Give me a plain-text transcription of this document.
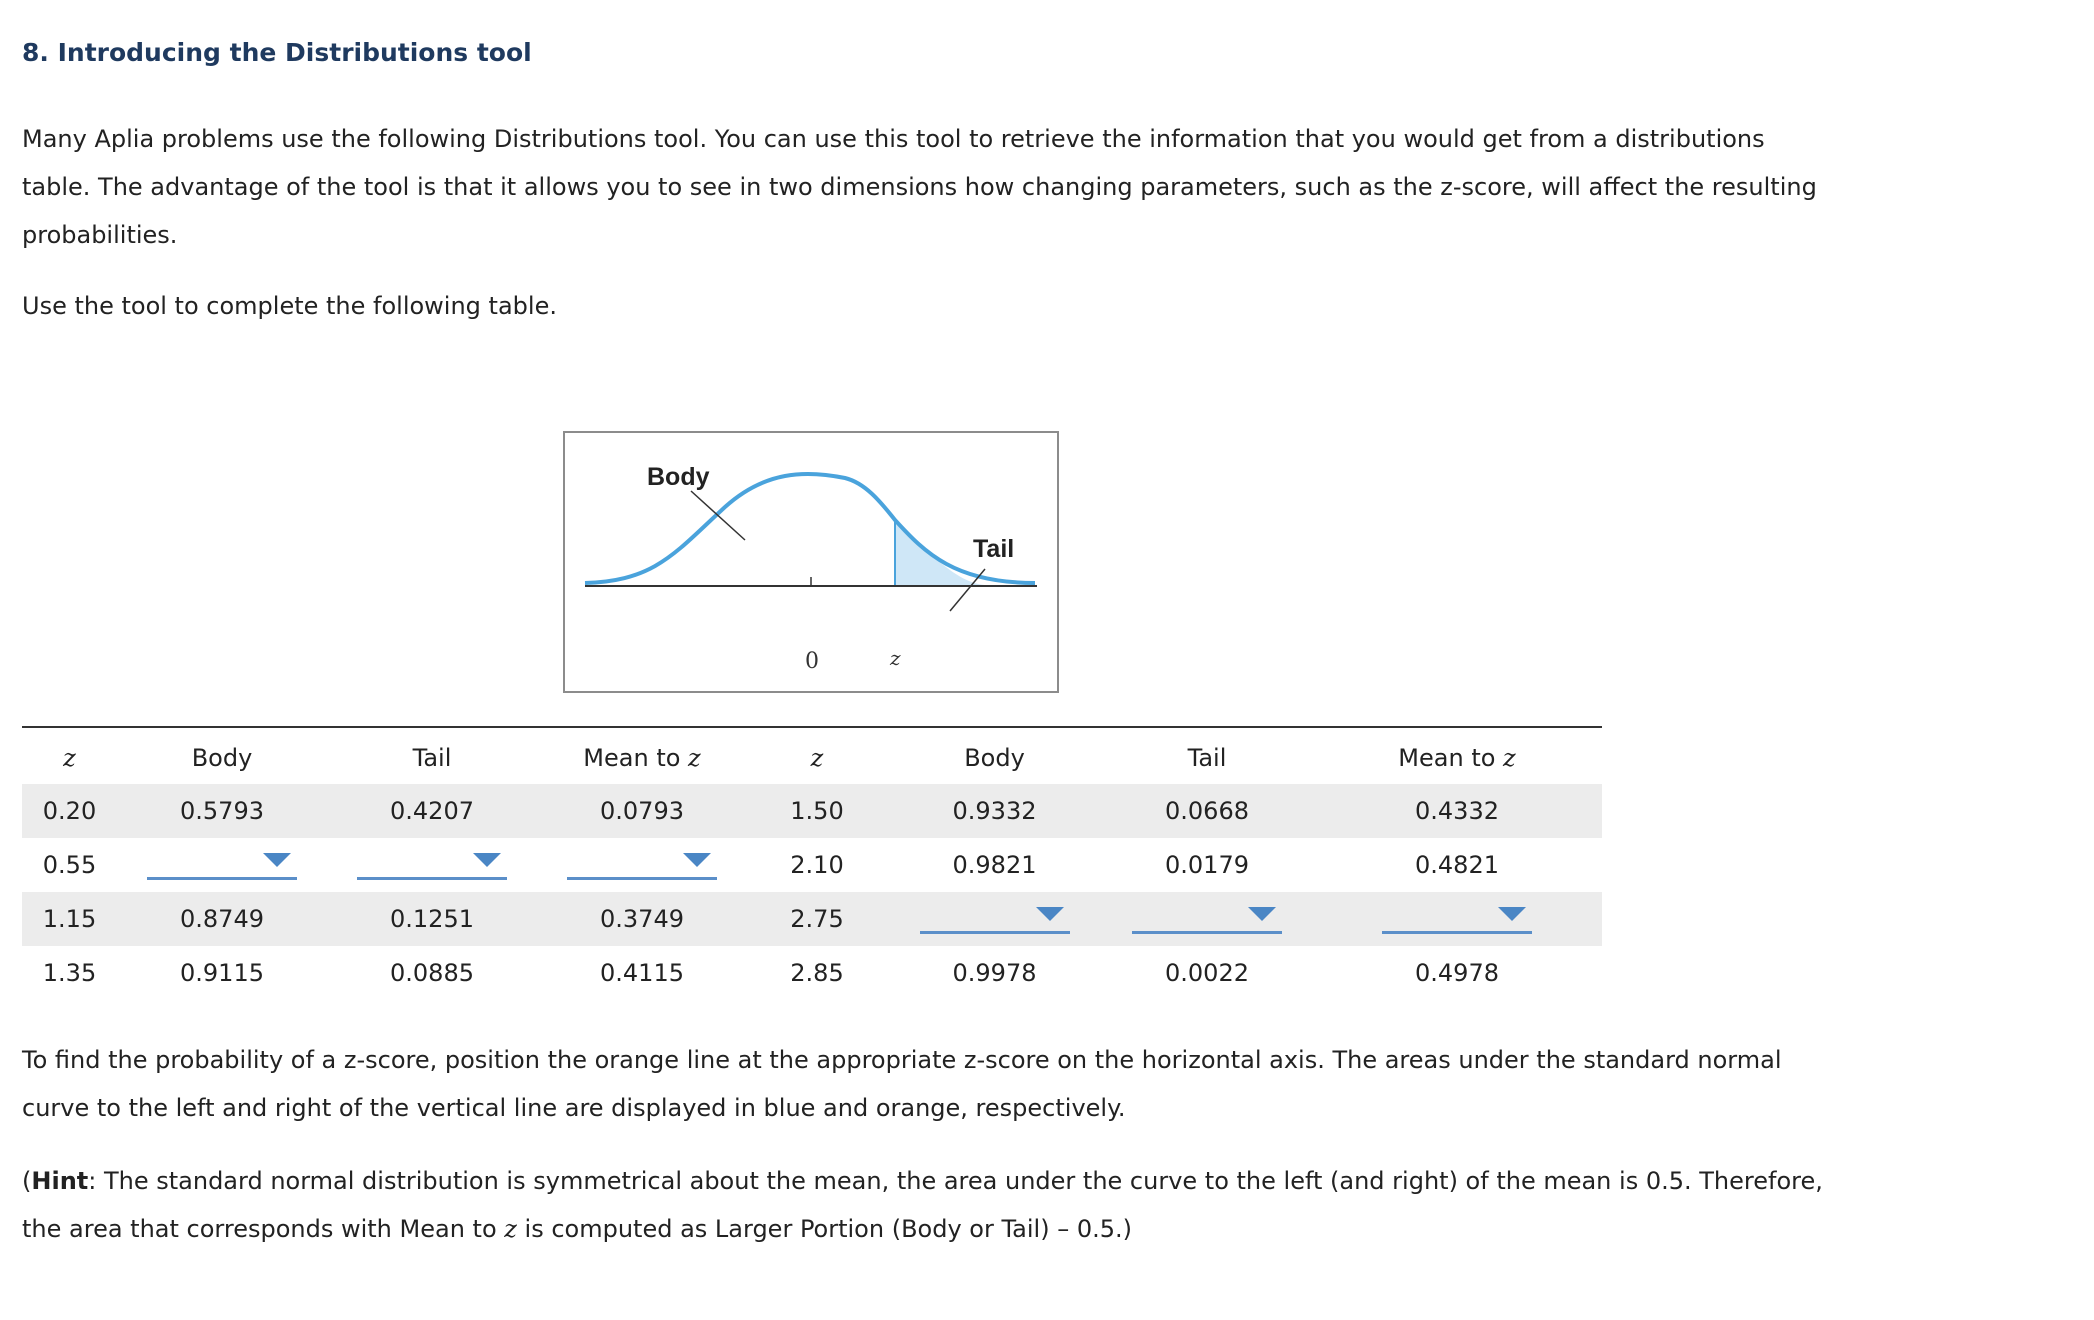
8. Introducing the Distributions tool
Many Aplia problems use the following Distributions tool. You can use this tool to retrieve the information that you would get from a distributions
table. The advantage of the tool is that it allows you to see in two dimensions how changing parameters, such as the z-score, will affect the resulting
probabilities.
Use the tool to complete the following table.
Body
Tail
0	z
z	Body	Tail	Mean to z	z	Body	Tail	Mean to z
0.20	0.5793	0.4207	0.0793	1.50	0.9332	0.0668	0.4332
0.55				2.10	0.9821	0.0179	0.4821
1.15	0.8749	0.1251	0.3749	2.75	

1.35	0.9115	0.0885	0.4115	2.85	0.9978	0.0022	0.4978
To find the probability of a z-score, position the orange line at the appropriate z-score on the horizontal axis. The areas under the standard normal
curve to the left and right of the vertical line are displayed in blue and orange, respectively.
(Hint: The standard normal distribution is symmetrical about the mean, the area under the curve to the left (and right) of the mean is 0.5. Therefore,
the area that corresponds with Mean to z is computed as Larger Portion (Body or Tail) – 0.5.)
